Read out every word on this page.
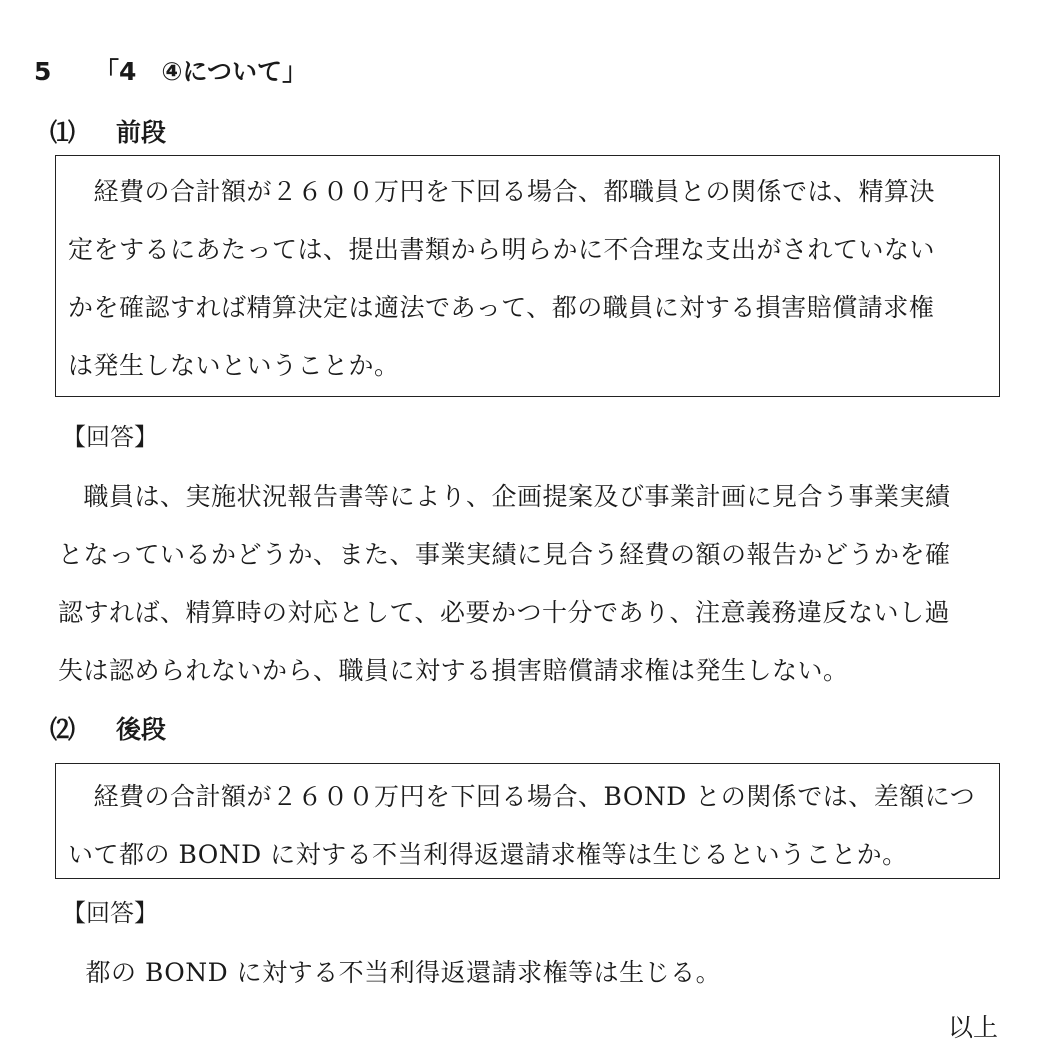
5 「4　④について」
⑴ 前段
　経費の合計額が２６００万円を下回る場合、都職員との関係では、精算決
定をするにあたっては、提出書類から明らかに不合理な支出がされていない
かを確認すれば精算決定は適法であって、都の職員に対する損害賠償請求権
は発生しないということか。
【回答】
　職員は、実施状況報告書等により、企画提案及び事業計画に見合う事業実績
となっているかどうか、また、事業実績に見合う経費の額の報告かどうかを確
認すれば、精算時の対応として、必要かつ十分であり、注意義務違反ないし過
失は認められないから、職員に対する損害賠償請求権は発生しない。
⑵ 後段
　経費の合計額が２６００万円を下回る場合、BOND との関係では、差額につ
いて都の BOND に対する不当利得返還請求権等は生じるということか。
【回答】
　都の BOND に対する不当利得返還請求権等は生じる。
以上
